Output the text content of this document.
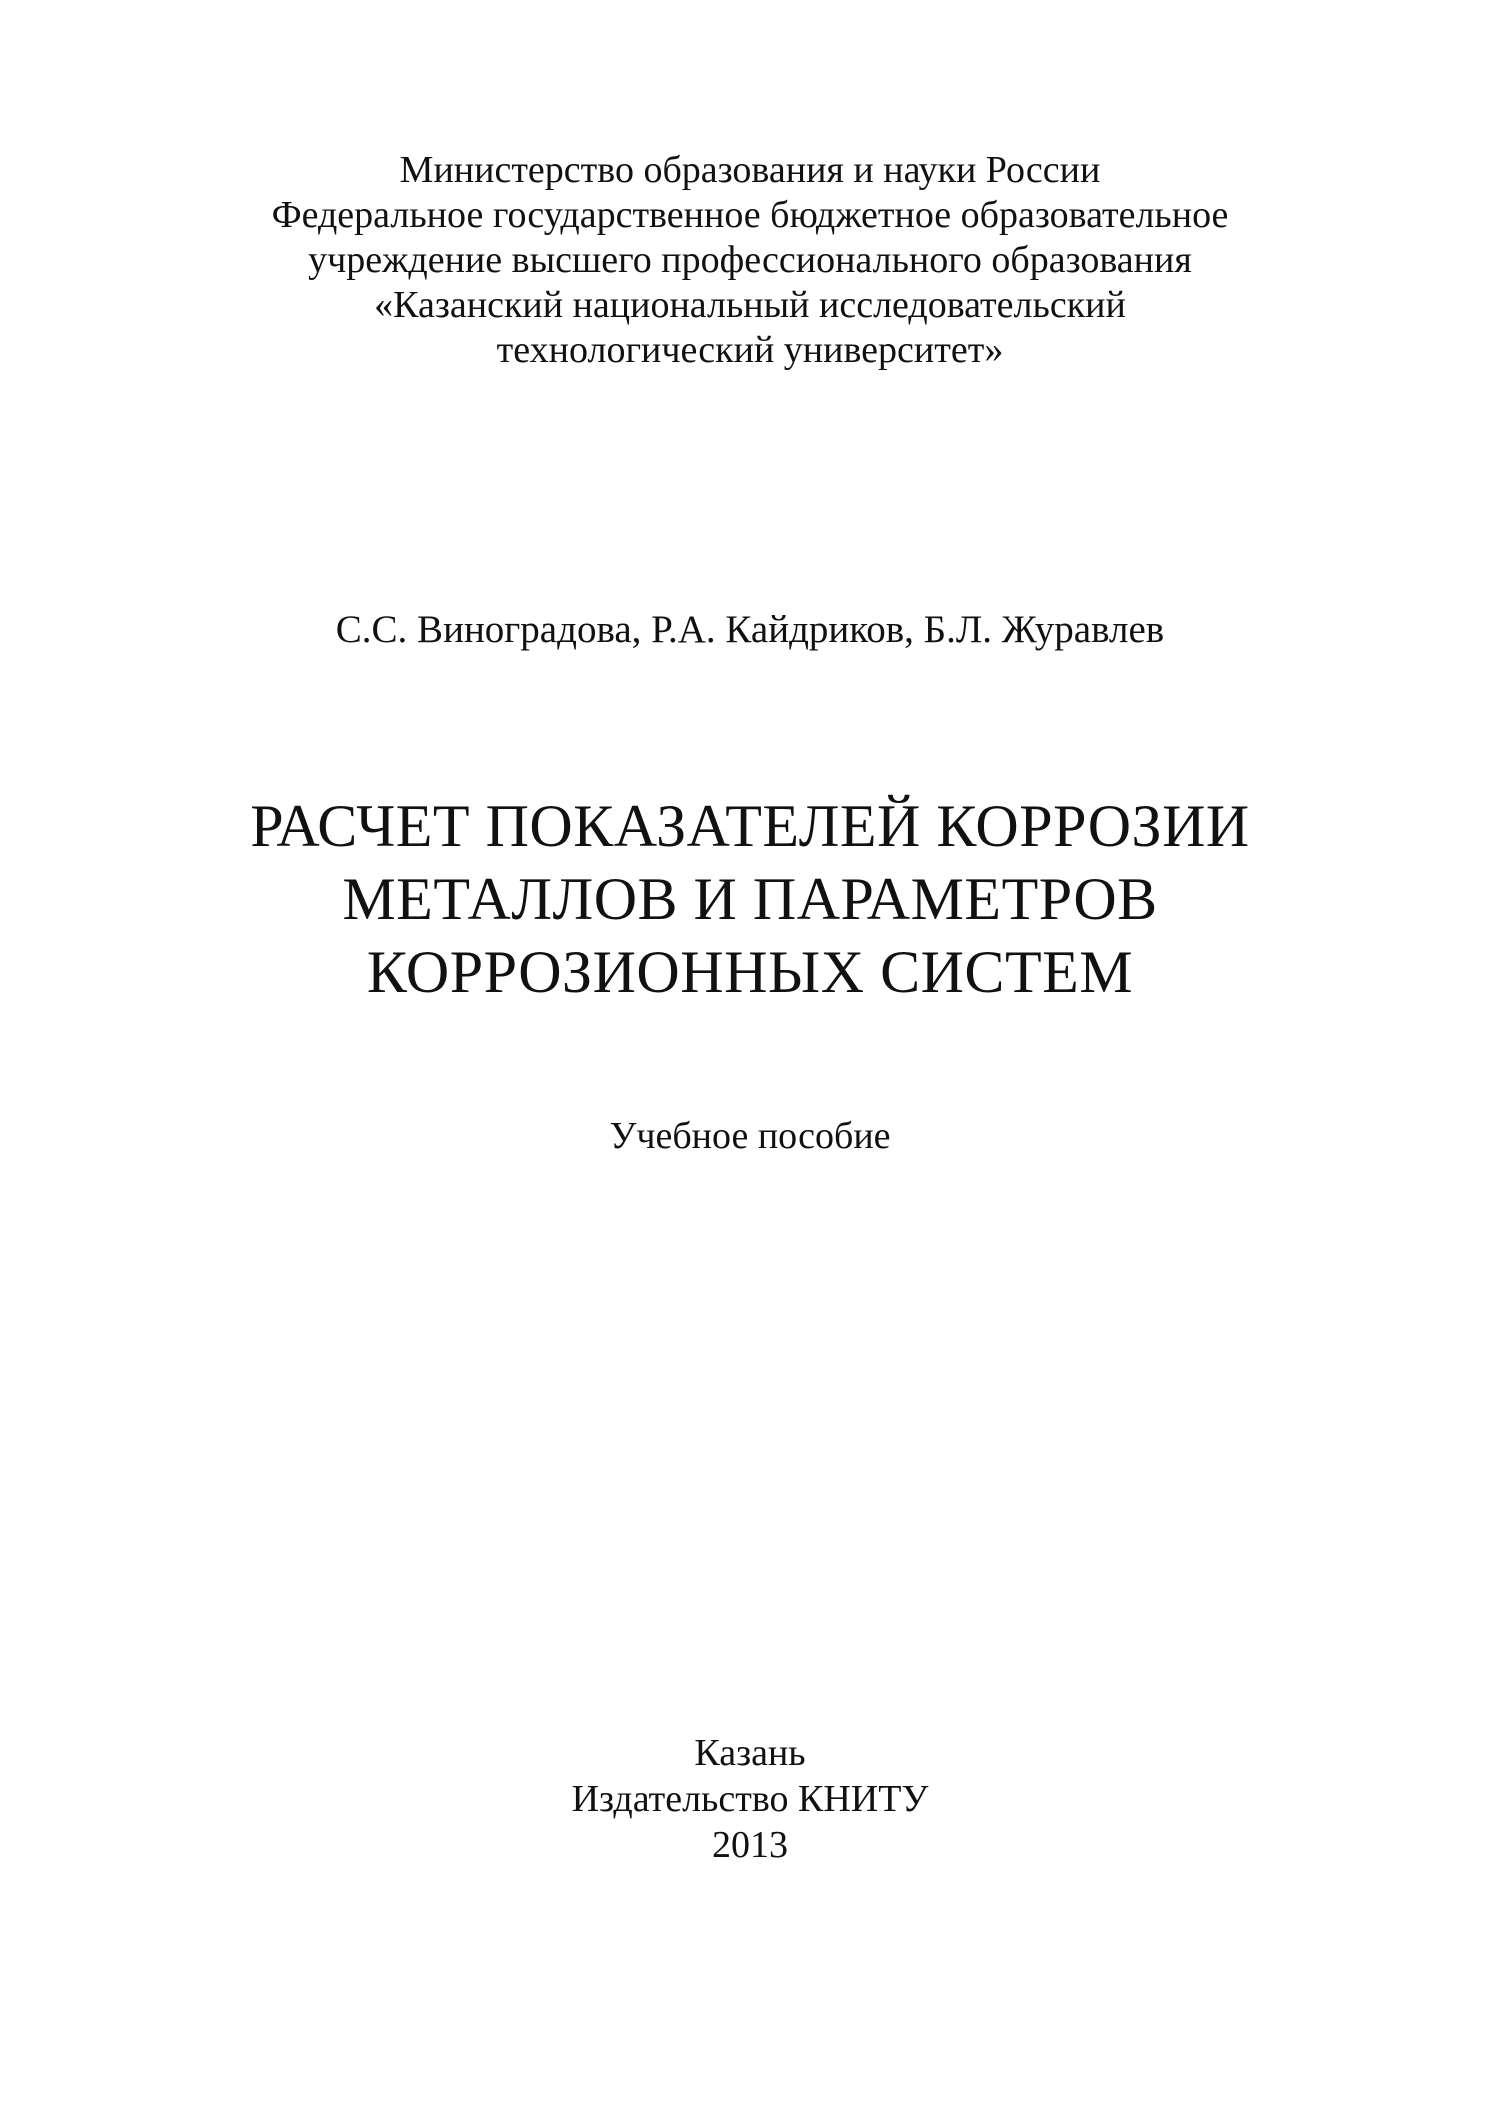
Министерство образования и науки России
Федеральное государственное бюджетное образовательное
учреждение высшего профессионального образования
«Казанский национальный исследовательский
технологический университет»
С.С. Виноградова, Р.А. Кайдриков, Б.Л. Журавлев
РАСЧЕТ ПОКАЗАТЕЛЕЙ КОРРОЗИИ
МЕТАЛЛОВ И ПАРАМЕТРОВ
КОРРОЗИОННЫХ СИСТЕМ
Учебное пособие
Казань
Издательство КНИТУ
2013
